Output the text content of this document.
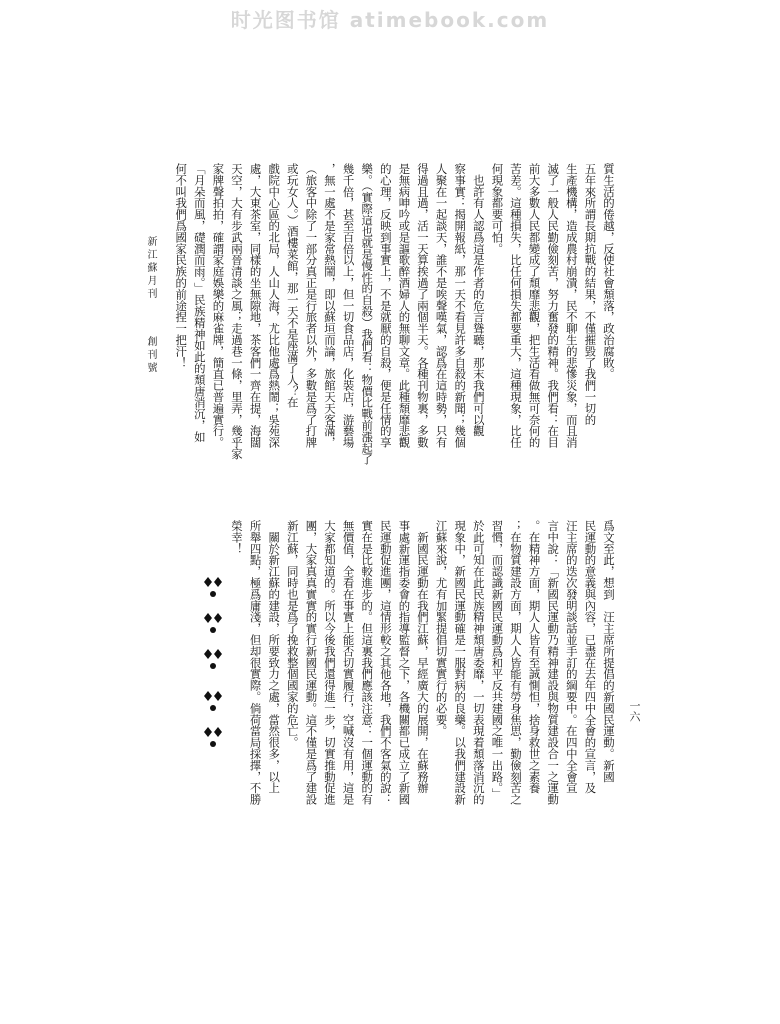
时光图书馆 atimebook.com
新江蘇月刊
創刊號	質生活的倦越，反使社會頹落，政治腐敗。
五年來所謂長期抗戰的結果，不僅摧毀了我們一切的
生產機構，造成農村崩潰，民不聊生的悲慘災象，而且消
滅了一般人民勤儉刻苦，努力奮發的精神。我們看：在目
前大多數人民都變成了頹靡悲觀，把生活看做無可奈何的
苦差。這種損失，比任何損失都要重大，這種現象，比任
何現象都要可怕。
　也許有人認爲這是作者的危言聳聽，那末我們可以觀
察事實：揭開報紙，那一天不看見許多自殺的新聞；幾個
人聚在一起談天，誰不是唉聲嘆氣，認爲在這時勢，只有
得過且過，活一天算挨過了兩個半天。各種刊物裏，多數
是無病呻吟或是謳歌醉酒婦人的無聊文章。此種頹靡悲觀
的心理，反映到事實上，不是就厭的自殺，便是任情的享
樂。（實際這也就是慢性的自殺）我們看：物價比戰前漲起了
幾千倍，甚至百倍以上，但一切食品店，化裝店，游藝場
，無一處不是家常熱鬧，即以蘇垣而論，旅館天天客滿，
（旅客中除了一部分真正是行旅者以外，多數是爲了打牌
或玩女人。）酒樓菜館，那一天不是座滿了人？在
戲院中心區的北局，人山人海，尤比他處爲熱鬧；吳苑深
處，大東茶室，同樣的坐無隙地，茶客們一齊在提，海闊
天空，大有步武兩晉清談之風；走過巷一條，里弄，幾乎家
家牌聲拍拍，確謂家庭娛樂的麻雀牌，簡直已普遍實行。
「月朵而風，礎潤而雨。」民族精神如此的頹唐消沉，如
何不叫我們爲國家民族的前途捏一把汗！
爲文至此，想到　汪主席所提倡的新國民運動。新國
民運動的意義與內容，已盡在去年四中全會的宣言，及
汪主席的迭次發明談話並手訂的綱要中。在四中全會宣
言中說：「新國民運動乃精神建設與物質建設合一之運動
。在精神方面，期人人皆有至誠惻怛，捨身救世之素養
；在物質建設方面，期人人皆能有勞身焦思，勤儉刻苦之
習慣，而認識新國民運動爲和平反共建國之唯一出路。」
於此可知在此民族精神頹唐委靡，一切表現着頹落消沉的
現象中，新國民運動確是一服對病的良藥。以我們建設新
江蘇來說，尤有加緊提倡切實實行的必要。
　新國民運動在我們江蘇，早經廣大的展開，在蘇務辦
事處新運指委會的指導監督之下，各機關都已成立了新國
民運動促進團，這情形較之其他各地，我們不客氣的說：
實在是比較進步的。但這裏我們應該注意：一個運動的有
無價值，全看在事實上能否切實履行，空喊沒有用，這是
大家都知道的。所以今後我們還得進一步，切實推動促進
團，大家真真實實的實行新國民運動。這不僅是爲了建設
新江蘇，同時也是爲了挽救整個國家的危亡。
　關於新江蘇的建設，所要致力之處，當然很多，以上
所舉四點，極爲庸淺，但却很實際。倘荷當局採擇，不勝
榮幸！
一六
